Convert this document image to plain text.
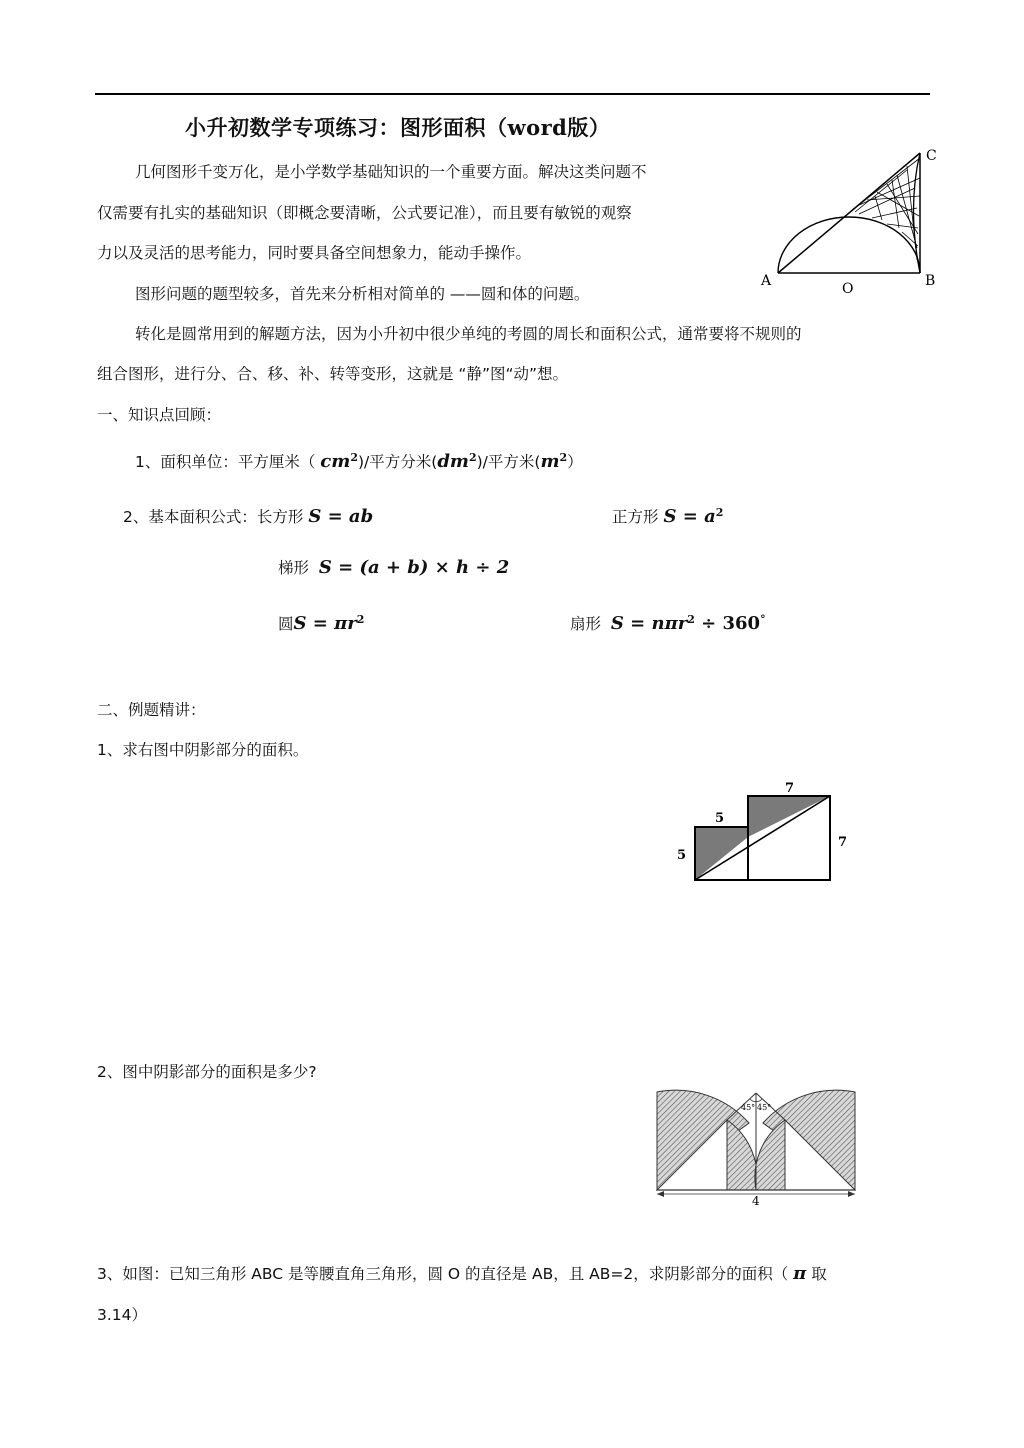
小升初数学专项练习：图形面积（word版）
几何图形千变万化，是小学数学基础知识的一个重要方面。解决这类问题不
仅需要有扎实的基础知识（即概念要清晰，公式要记准），而且要有敏锐的观察
力以及灵活的思考能力，同时要具备空间想象力，能动手操作。
图形问题的题型较多，首先来分析相对简单的 ——圆和体的问题。
转化是圆常用到的解题方法，因为小升初中很少单纯的考圆的周长和面积公式，通常要将不规则的
组合图形，进行分、合、移、补、转等变形，这就是 “静”图“动”想。
A	O	B
C
一、知识点回顾：
1、面积单位：平方厘米（ $cm^2)/$平方分米$(dm^2)/$平方米$(m^2)$
2、基本面积公式：长方形 S = ab	正方形 $S = a^2$
梯形 S = (a + b) × h ÷ 2
圆$S = \pi r^2$	扇形 S = nπr$^2$ ÷ 360°
二、例题精讲：
1、求右图中阴影部分的面积。
7
7
5
5
2、图中阴影部分的面积是多少?
45° 45°
4
3、如图：已知三角形 ABC 是等腰直角三角形，圆 O 的直径是 AB，且 AB=2，求阴影部分的面积（ π 取
3.14）
